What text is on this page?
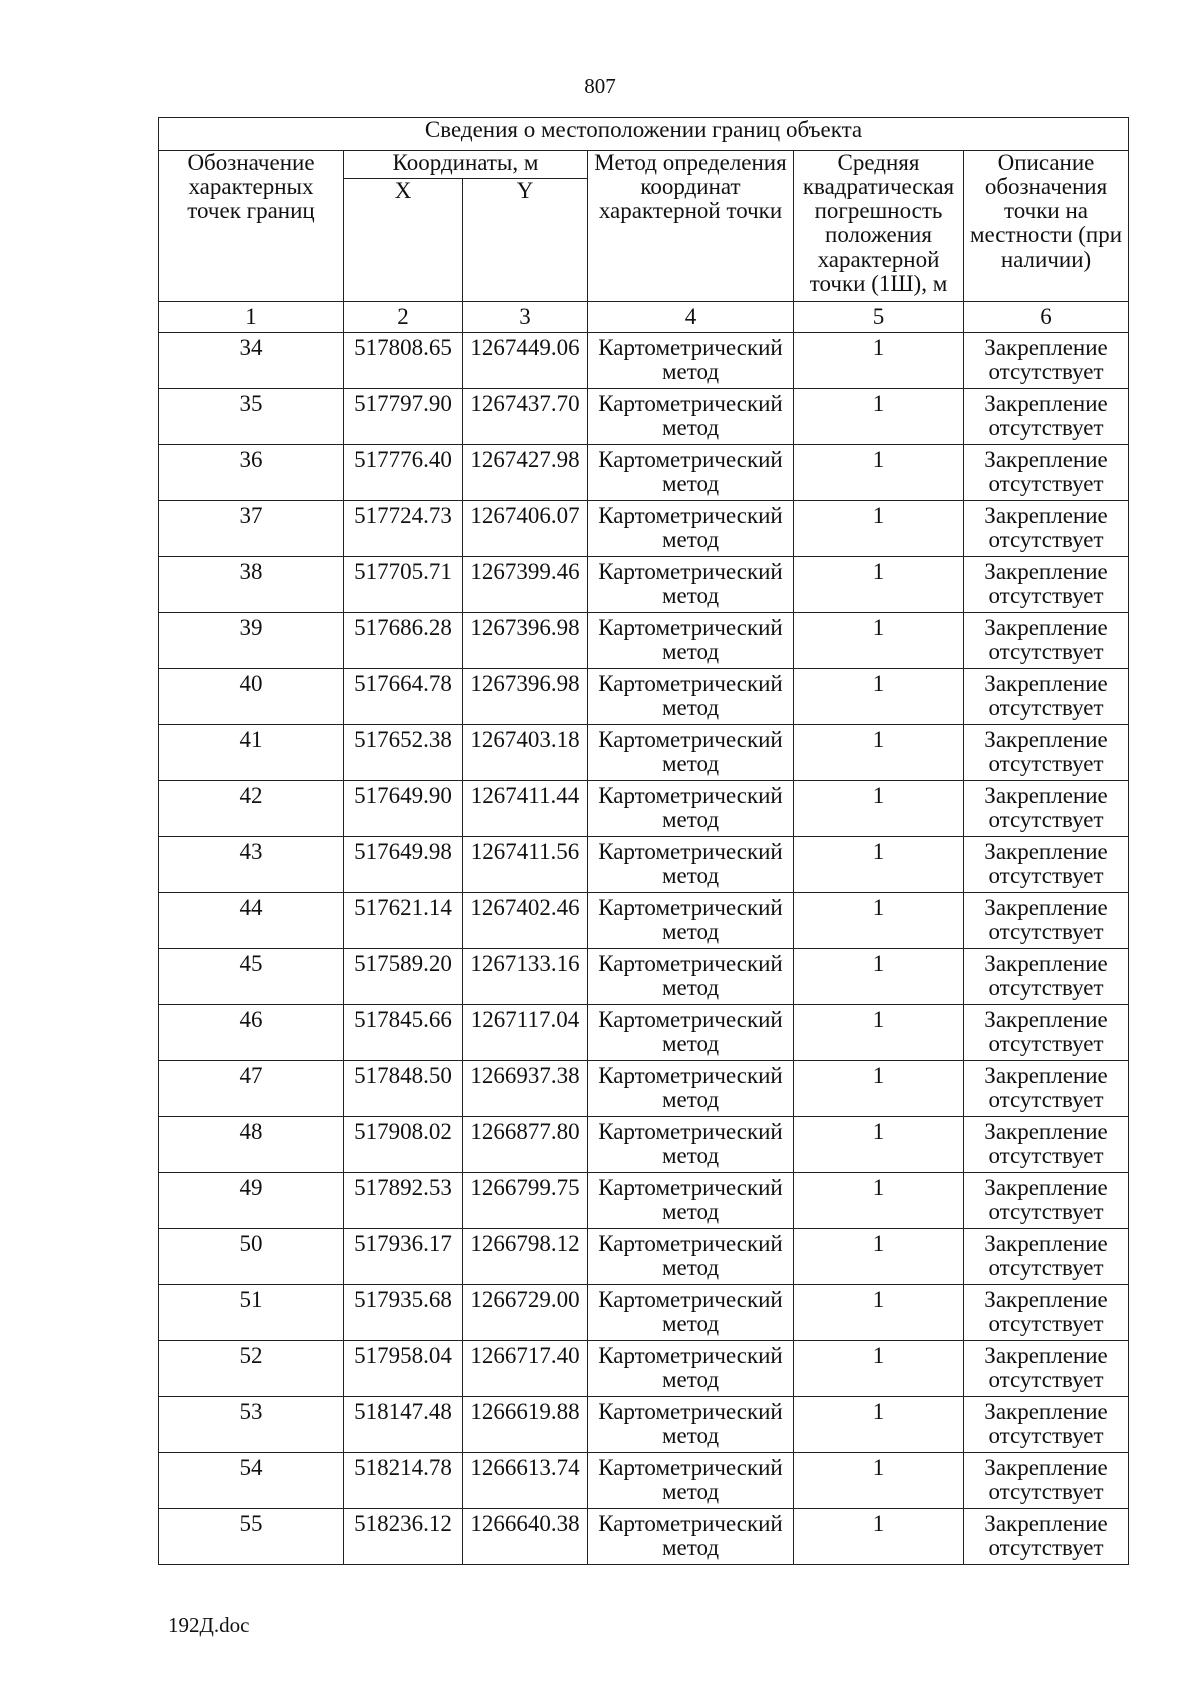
807
Сведения о местоположении границ объекта					
Обозначение характерных точек границ	Координаты, м		Метод определения координат характерной точки	Средняя квадратическая погрешность положения характерной точки (1Ш), м	Описание обозначения точки на местности (при наличии)
	X	Y			
1	2	3	4	5	6
34	517808.65	1267449.06	Картометрический метод	1	Закрепление отсутствует
35	517797.90	1267437.70	Картометрический метод	1	Закрепление отсутствует
36	517776.40	1267427.98	Картометрический метод	1	Закрепление отсутствует
37	517724.73	1267406.07	Картометрический метод	1	Закрепление отсутствует
38	517705.71	1267399.46	Картометрический метод	1	Закрепление отсутствует
39	517686.28	1267396.98	Картометрический метод	1	Закрепление отсутствует
40	517664.78	1267396.98	Картометрический метод	1	Закрепление отсутствует
41	517652.38	1267403.18	Картометрический метод	1	Закрепление отсутствует
42	517649.90	1267411.44	Картометрический метод	1	Закрепление отсутствует
43	517649.98	1267411.56	Картометрический метод	1	Закрепление отсутствует
44	517621.14	1267402.46	Картометрический метод	1	Закрепление отсутствует
45	517589.20	1267133.16	Картометрический метод	1	Закрепление отсутствует
46	517845.66	1267117.04	Картометрический метод	1	Закрепление отсутствует
47	517848.50	1266937.38	Картометрический метод	1	Закрепление отсутствует
48	517908.02	1266877.80	Картометрический метод	1	Закрепление отсутствует
49	517892.53	1266799.75	Картометрический метод	1	Закрепление отсутствует
50	517936.17	1266798.12	Картометрический метод	1	Закрепление отсутствует
51	517935.68	1266729.00	Картометрический метод	1	Закрепление отсутствует
52	517958.04	1266717.40	Картометрический метод	1	Закрепление отсутствует
53	518147.48	1266619.88	Картометрический метод	1	Закрепление отсутствует
54	518214.78	1266613.74	Картометрический метод	1	Закрепление отсутствует
55	518236.12	1266640.38	Картометрический метод	1	Закрепление отсутствует
192Д.doc
